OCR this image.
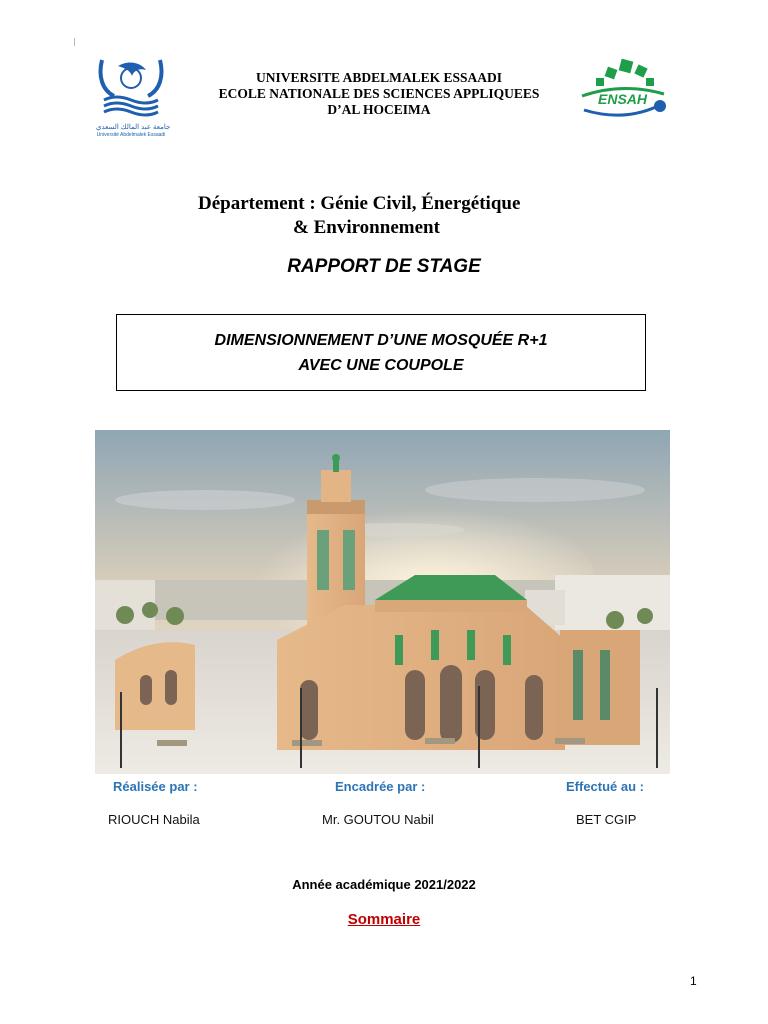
جامعة عبد المالك السعدي
Université Abdelmalek Essaadi
UNIVERSITE ABDELMALEK ESSAADI
ECOLE NATIONALE DES SCIENCES APPLIQUEES
D’AL HOCEIMA
ENSAH
Département : Génie Civil, Énergétique
& Environnement
RAPPORT DE STAGE
DIMENSIONNEMENT D’UNE MOSQUÉE R+1
AVEC UNE COUPOLE
Réalisée par :	Encadrée par :	Effectué au :
RIOUCH Nabila	Mr. GOUTOU Nabil	BET CGIP
Année académique 2021/2022
Sommaire
1
